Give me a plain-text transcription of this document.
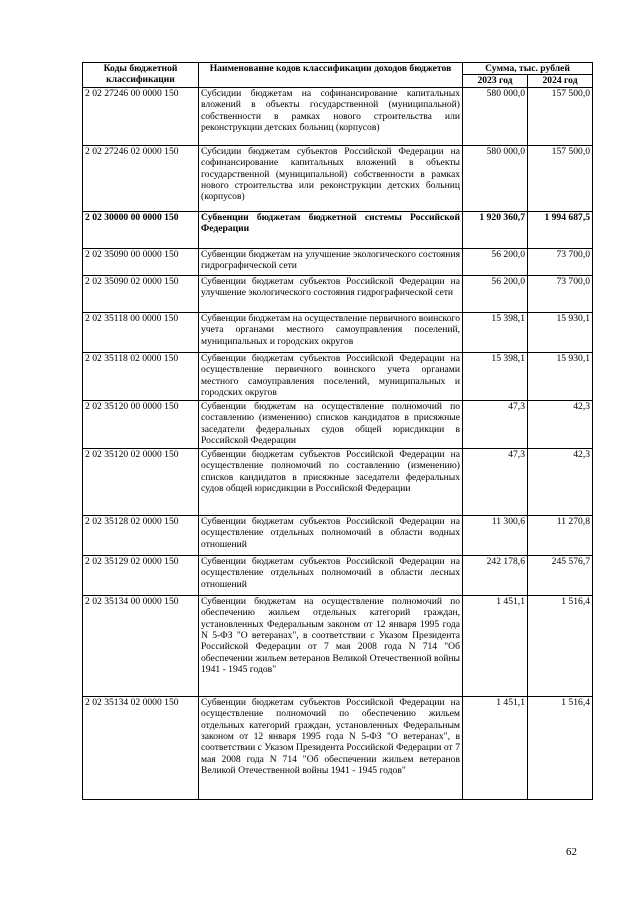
Коды бюджетной классификации	Наименование кодов классификации доходов бюджетов	Сумма, тыс. рублей	
		2023 год	2024 год
2 02 27246 00 0000 150	Субсидии бюджетам на софинансирование капитальных вложений в объекты государственной (муниципальной) собственности в рамках нового строительства или реконструкции детских больниц (корпусов)	580 000,0	157 500,0
2 02 27246 02 0000 150	Субсидии бюджетам субъектов Российской Федерации на софинансирование капитальных вложений в объекты государственной (муниципальной) собственности в рамках нового строительства или реконструкции детских больниц (корпусов)	580 000,0	157 500,0
2 02 30000 00 0000 150	Субвенции бюджетам бюджетной системы Российской Федерации	1 920 360,7	1 994 687,5
2 02 35090 00 0000 150	Субвенции бюджетам на улучшение экологического состояния гидрографической сети	56 200,0	73 700,0
2 02 35090 02 0000 150	Субвенции бюджетам субъектов Российской Федерации на улучшение экологического состояния гидрографической сети	56 200,0	73 700,0
2 02 35118 00 0000 150	Субвенции бюджетам на осуществление первичного воинского учета органами местного самоуправления поселений, муниципальных и городских округов	15 398,1	15 930,1
2 02 35118 02 0000 150	Субвенции бюджетам субъектов Российской Федерации на осуществление первичного воинского учета органами местного самоуправления поселений, муниципальных и городских округов	15 398,1	15 930,1
2 02 35120 00 0000 150	Субвенции бюджетам на осуществление полномочий по составлению (изменению) списков кандидатов в присяжные заседатели федеральных судов общей юрисдикции в Российской Федерации	47,3	42,3
2 02 35120 02 0000 150	Субвенции бюджетам субъектов Российской Федерации на осуществление полномочий по составлению (изменению) списков кандидатов в присяжные заседатели федеральных судов общей юрисдикции в Российской Федерации	47,3	42,3
2 02 35128 02 0000 150	Субвенции бюджетам субъектов Российской Федерации на осуществление отдельных полномочий в области водных отношений	11 300,6	11 270,8
2 02 35129 02 0000 150	Субвенции бюджетам субъектов Российской Федерации на осуществление отдельных полномочий в области лесных отношений	242 178,6	245 576,7
2 02 35134 00 0000 150	Субвенции бюджетам на осуществление полномочий по обеспечению жильем отдельных категорий граждан, установленных Федеральным законом от 12 января 1995 года N 5-ФЗ "О ветеранах", в соответствии с Указом Президента Российской Федерации от 7 мая 2008 года N 714 "Об обеспечении жильем ветеранов Великой Отечественной войны 1941 - 1945 годов"	1 451,1	1 516,4
2 02 35134 02 0000 150	Субвенции бюджетам субъектов Российской Федерации на осуществление полномочий по обеспечению жильем отдельных категорий граждан, установленных Федеральным законом от 12 января 1995 года N 5-ФЗ "О ветеранах", в соответствии с Указом Президента Российской Федерации от 7 мая 2008 года N 714 "Об обеспечении жильем ветеранов Великой Отечественной войны 1941 - 1945 годов"	1 451,1	1 516,4
62
